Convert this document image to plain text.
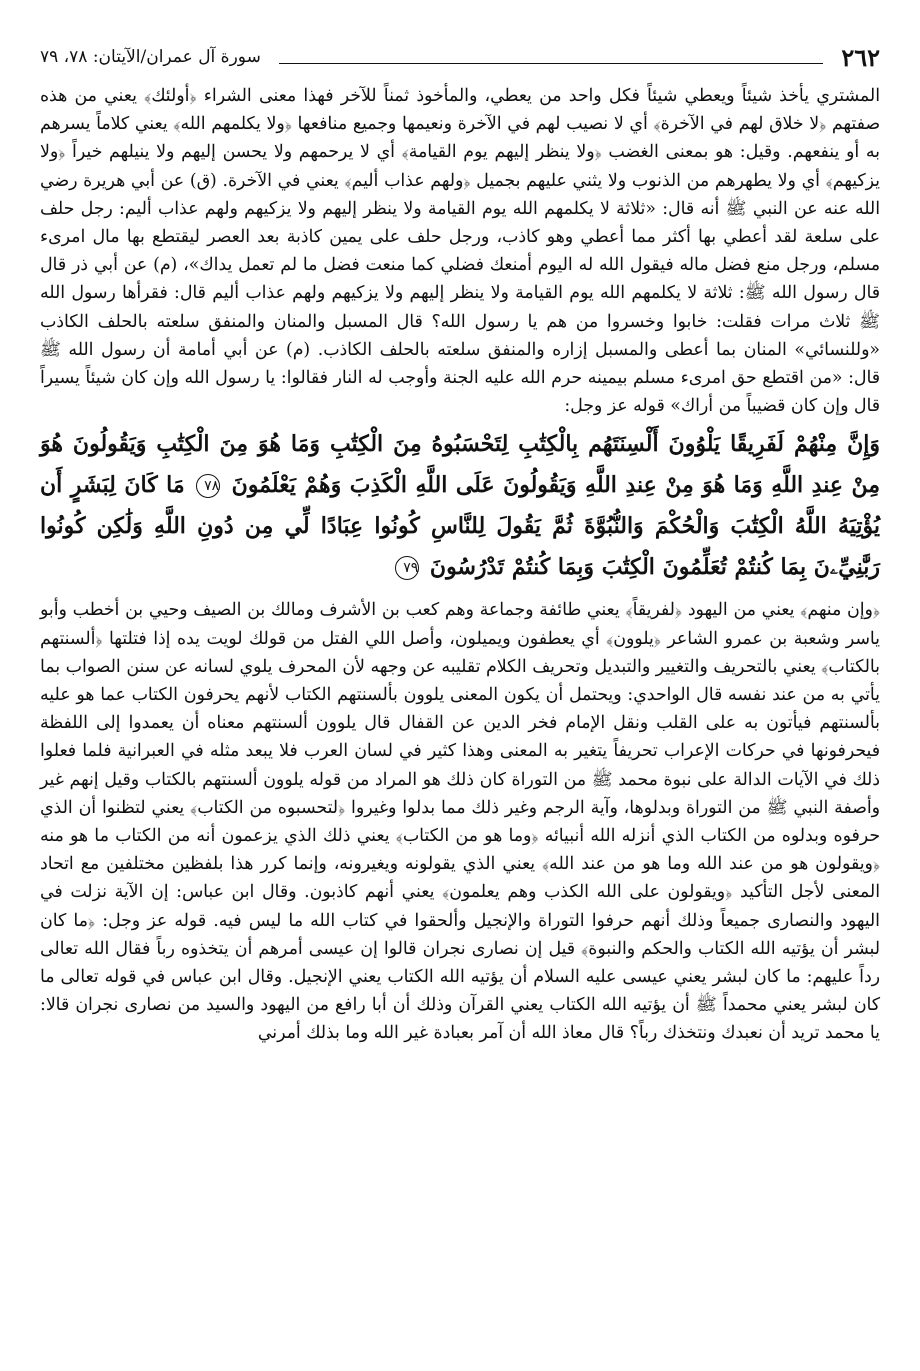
٢٦٢
سورة آل عمران/الآيتان: ٧٨، ٧٩

المشتري يأخذ شيئاً ويعطي شيئاً فكل واحد من يعطي، والمأخوذ ثمناً للآخر فهذا معنى الشراء ﴿أولئك﴾ يعني من هذه صفتهم ﴿لا خلاق لهم في الآخرة﴾ أي لا نصيب لهم في الآخرة ونعيمها وجميع منافعها ﴿ولا يكلمهم الله﴾ يعني كلاماً يسرهم به أو ينفعهم. وقيل: هو بمعنى الغضب ﴿ولا ينظر إليهم يوم القيامة﴾ أي لا يرحمهم ولا يحسن إليهم ولا ينيلهم خيراً ﴿ولا يزكيهم﴾ أي ولا يطهرهم من الذنوب ولا يثني عليهم بجميل ﴿ولهم عذاب أليم﴾ يعني في الآخرة. (ق) عن أبي هريرة رضي الله عنه عن النبي ﷺ أنه قال: «ثلاثة لا يكلمهم الله يوم القيامة ولا ينظر إليهم ولا يزكيهم ولهم عذاب أليم: رجل حلف على سلعة لقد أعطي بها أكثر مما أعطي وهو كاذب، ورجل حلف على يمين كاذبة بعد العصر ليقتطع بها مال امرىء مسلم، ورجل منع فضل ماله فيقول الله له اليوم أمنعك فضلي كما منعت فضل ما لم تعمل يداك»، (م) عن أبي ذر قال قال رسول الله ﷺ: ثلاثة لا يكلمهم الله يوم القيامة ولا ينظر إليهم ولا يزكيهم ولهم عذاب أليم قال: فقرأها رسول الله ﷺ ثلاث مرات فقلت: خابوا وخسروا من هم يا رسول الله؟ قال المسبل والمنان والمنفق سلعته بالحلف الكاذب «وللنسائي» المنان بما أعطى والمسبل إزاره والمنفق سلعته بالحلف الكاذب. (م) عن أبي أمامة أن رسول الله ﷺ قال: «من اقتطع حق امرىء مسلم بيمينه حرم الله عليه الجنة وأوجب له النار فقالوا: يا رسول الله وإن كان شيئاً يسيراً قال وإن كان قضيباً من أراك» قوله عز وجل:

وَإِنَّ مِنْهُمْ لَفَرِيقًا يَلْوُونَ أَلْسِنَتَهُم بِالْكِتَٰبِ لِتَحْسَبُوهُ مِنَ الْكِتَٰبِ وَمَا هُوَ مِنَ الْكِتَٰبِ وَيَقُولُونَ هُوَ مِنْ عِندِ اللَّهِ وَمَا هُوَ مِنْ عِندِ اللَّهِ وَيَقُولُونَ عَلَى اللَّهِ الْكَذِبَ وَهُمْ يَعْلَمُونَ ٧٨ مَا كَانَ لِبَشَرٍ أَن يُؤْتِيَهُ اللَّهُ الْكِتَٰبَ وَالْحُكْمَ وَالنُّبُوَّةَ ثُمَّ يَقُولَ لِلنَّاسِ كُونُوا عِبَادًا لِّي مِن دُونِ اللَّهِ وَلَٰكِن كُونُوا رَبَّٰنِيِّۦنَ بِمَا كُنتُمْ تُعَلِّمُونَ الْكِتَٰبَ وَبِمَا كُنتُمْ تَدْرُسُونَ ٧٩

﴿وإن منهم﴾ يعني من اليهود ﴿لفريقاً﴾ يعني طائفة وجماعة وهم كعب بن الأشرف ومالك بن الصيف وحيي بن أخطب وأبو ياسر وشعبة بن عمرو الشاعر ﴿يلوون﴾ أي يعطفون ويميلون، وأصل اللي الفتل من قولك لويت يده إذا فتلتها ﴿ألسنتهم بالكتاب﴾ يعني بالتحريف والتغيير والتبديل وتحريف الكلام تقليبه عن وجهه لأن المحرف يلوي لسانه عن سنن الصواب بما يأتي به من عند نفسه قال الواحدي: ويحتمل أن يكون المعنى يلوون بألسنتهم الكتاب لأنهم يحرفون الكتاب عما هو عليه بألسنتهم فيأتون به على القلب ونقل الإمام فخر الدين عن القفال قال يلوون ألسنتهم معناه أن يعمدوا إلى اللفظة فيحرفونها في حركات الإعراب تحريفاً يتغير به المعنى وهذا كثير في لسان العرب فلا يبعد مثله في العبرانية فلما فعلوا ذلك في الآيات الدالة على نبوة محمد ﷺ من التوراة كان ذلك هو المراد من قوله يلوون ألسنتهم بالكتاب وقيل إنهم غير وأصفة النبي ﷺ من التوراة وبدلوها، وآية الرجم وغير ذلك مما بدلوا وغيروا ﴿لتحسبوه من الكتاب﴾ يعني لتظنوا أن الذي حرفوه وبدلوه من الكتاب الذي أنزله الله أنبيائه ﴿وما هو من الكتاب﴾ يعني ذلك الذي يزعمون أنه من الكتاب ما هو منه ﴿ويقولون هو من عند الله وما هو من عند الله﴾ يعني الذي يقولونه ويغيرونه، وإنما كرر هذا بلفظين مختلفين مع اتحاد المعنى لأجل التأكيد ﴿ويقولون على الله الكذب وهم يعلمون﴾ يعني أنهم كاذبون. وقال ابن عباس: إن الآية نزلت في اليهود والنصارى جميعاً وذلك أنهم حرفوا التوراة والإنجيل وألحقوا في كتاب الله ما ليس فيه. قوله عز وجل: ﴿ما كان لبشر أن يؤتيه الله الكتاب والحكم والنبوة﴾ قيل إن نصارى نجران قالوا إن عيسى أمرهم أن يتخذوه رباً فقال الله تعالى رداً عليهم: ما كان لبشر يعني عيسى عليه السلام أن يؤتيه الله الكتاب يعني الإنجيل. وقال ابن عباس في قوله تعالى ما كان لبشر يعني محمداً ﷺ أن يؤتيه الله الكتاب يعني القرآن وذلك أن أبا رافع من اليهود والسيد من نصارى نجران قالا: يا محمد تريد أن نعبدك ونتخذك رباً؟ قال معاذ الله أن آمر بعبادة غير الله وما بذلك أمرني
